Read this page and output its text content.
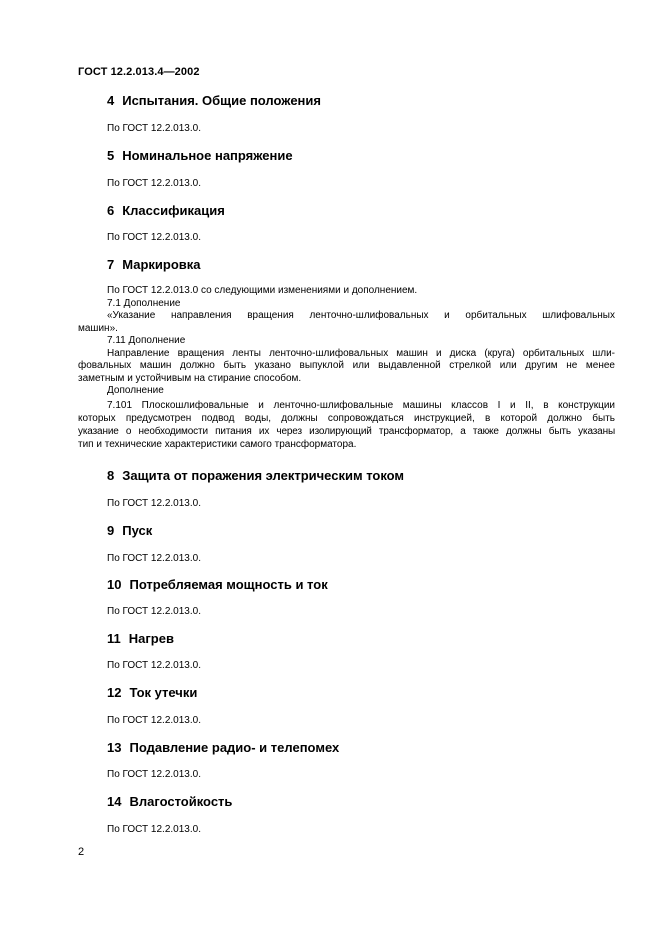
ГОСТ 12.2.013.4—2002
4 Испытания. Общие положения
По ГОСТ 12.2.013.0.
5 Номинальное напряжение
По ГОСТ 12.2.013.0.
6 Классификация
По ГОСТ 12.2.013.0.
7 Маркировка
По ГОСТ 12.2.013.0 со следующими изменениями и дополнением.
7.1 Дополнение
«Указание направления вращения ленточно-шлифовальных и орбитальных шлифовальных
машин».
7.11 Дополнение
Направление вращения ленты ленточно-шлифовальных машин и диска (круга) орбитальных шли-
фовальных машин должно быть указано выпуклой или выдавленной стрелкой или другим не менее
заметным и устойчивым на стирание способом.
Дополнение
7.101 Плоскошлифовальные и ленточно-шлифовальные машины классов I и II, в конструкции
которых предусмотрен подвод воды, должны сопровождаться инструкцией, в которой должно быть
указание о необходимости питания их через изолирующий трансформатор, а также должны быть указаны
тип и технические характеристики самого трансформатора.
8 Защита от поражения электрическим током
По ГОСТ 12.2.013.0.
9 Пуск
По ГОСТ 12.2.013.0.
10 Потребляемая мощность и ток
По ГОСТ 12.2.013.0.
11 Нагрев
По ГОСТ 12.2.013.0.
12 Ток утечки
По ГОСТ 12.2.013.0.
13 Подавление радио- и телепомех
По ГОСТ 12.2.013.0.
14 Влагостойкость
По ГОСТ 12.2.013.0.
2
